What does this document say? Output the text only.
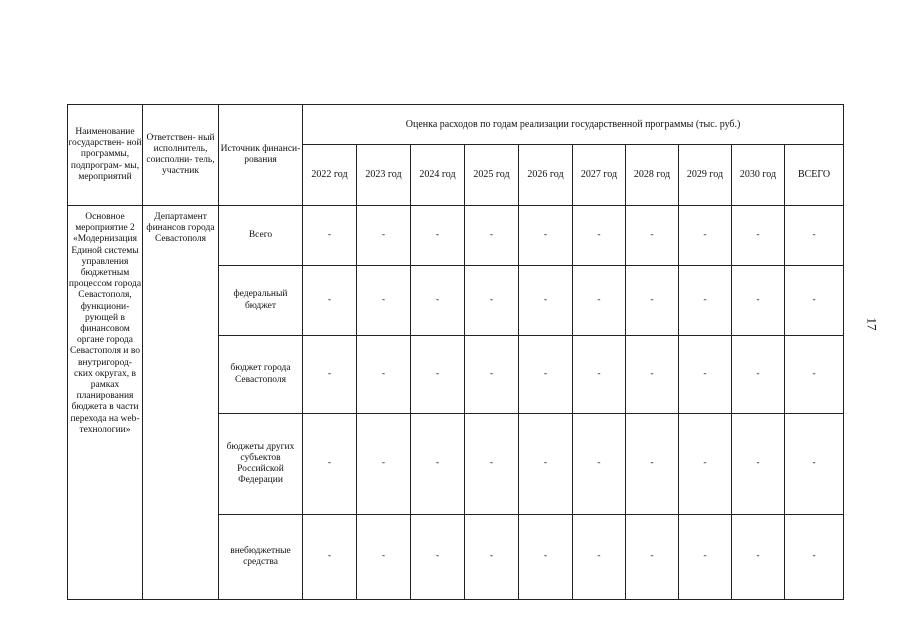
Наименование государствен- ной программы, подпрограм- мы, мероприятий	Ответствен- ный исполнитель, соисполни- тель, участник	Источник финанси- рования	Оценка расходов по годам реализации государственной программы (тыс. руб.)									
			2022 год	2023 год	2024 год	2025 год	2026 год	2027 год	2028 год	2029 год	2030 год	ВСЕГО
Основное мероприятие 2 «Модернизация Единой системы управления бюджетным процессом города Севастополя, функциони- рующей в финансовом органе города Севастополя и во внутригород- ских округах, в рамках планирования бюджета в части перехода на web- технологии»	Департамент финансов города Севастополя	Всего	-	-	-	-	-	-	-	-	-	-
		федеральный бюджет	-	-	-	-	-	-	-	-	-	-
		бюджет города Севастополя	-	-	-	-	-	-	-	-	-	-
		бюджеты других субъектов Российской Федерации	-	-	-	-	-	-	-	-	-	-
		внебюджетные средства	-	-	-	-	-	-	-	-	-	-
17
